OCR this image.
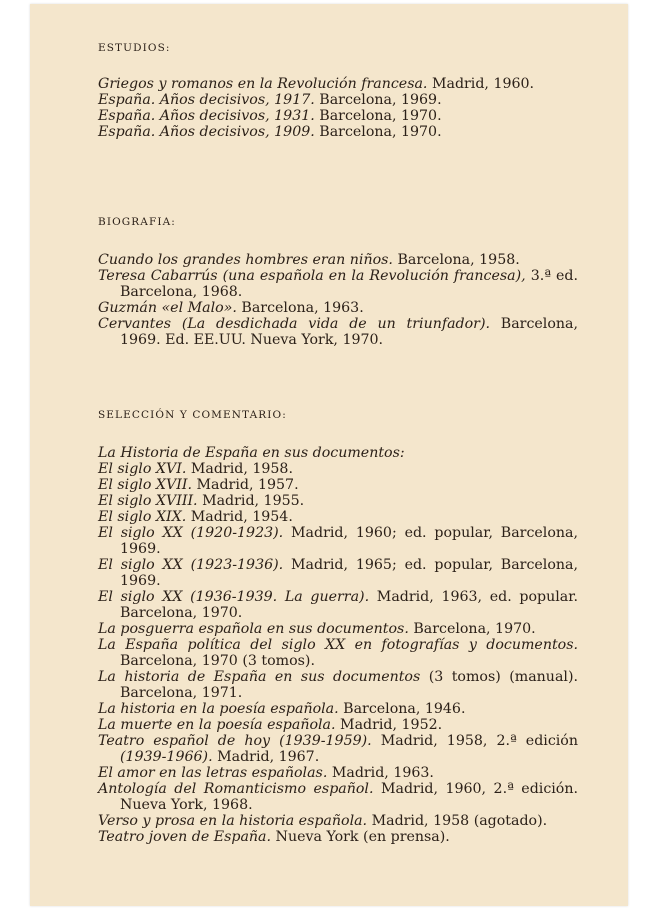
ESTUDIOS:
Griegos y romanos en la Revolución francesa. Madrid, 1960.
España. Años decisivos, 1917. Barcelona, 1969.
España. Años decisivos, 1931. Barcelona, 1970.
España. Años decisivos, 1909. Barcelona, 1970.
BIOGRAFIA:
Cuando los grandes hombres eran niños. Barcelona, 1958.
Teresa Cabarrús (una española en la Revolución francesa), 3.ª ed. Barcelona, 1968.
Guzmán «el Malo». Barcelona, 1963.
Cervantes (La desdichada vida de un triunfador). Barcelona, 1969. Ed. EE.UU. Nueva York, 1970.
SELECCIÓN Y COMENTARIO:
La Historia de España en sus documentos:
El siglo XVI. Madrid, 1958.
El siglo XVII. Madrid, 1957.
El siglo XVIII. Madrid, 1955.
El siglo XIX. Madrid, 1954.
El siglo XX (1920-1923). Madrid, 1960; ed. popular, Barcelona, 1969.
El siglo XX (1923-1936). Madrid, 1965; ed. popular, Barcelona, 1969.
El siglo XX (1936-1939. La guerra). Madrid, 1963, ed. popular. Barcelona, 1970.
La posguerra española en sus documentos. Barcelona, 1970.
La España política del siglo XX en fotografías y documentos. Barcelona, 1970 (3 tomos).
La historia de España en sus documentos (3 tomos) (manual). Barcelona, 1971.
La historia en la poesía española. Barcelona, 1946.
La muerte en la poesía española. Madrid, 1952.
Teatro español de hoy (1939-1959). Madrid, 1958, 2.ª edición (1939-1966). Madrid, 1967.
El amor en las letras españolas. Madrid, 1963.
Antología del Romanticismo español. Madrid, 1960, 2.ª edición. Nueva York, 1968.
Verso y prosa en la historia española. Madrid, 1958 (agotado).
Teatro joven de España. Nueva York (en prensa).
